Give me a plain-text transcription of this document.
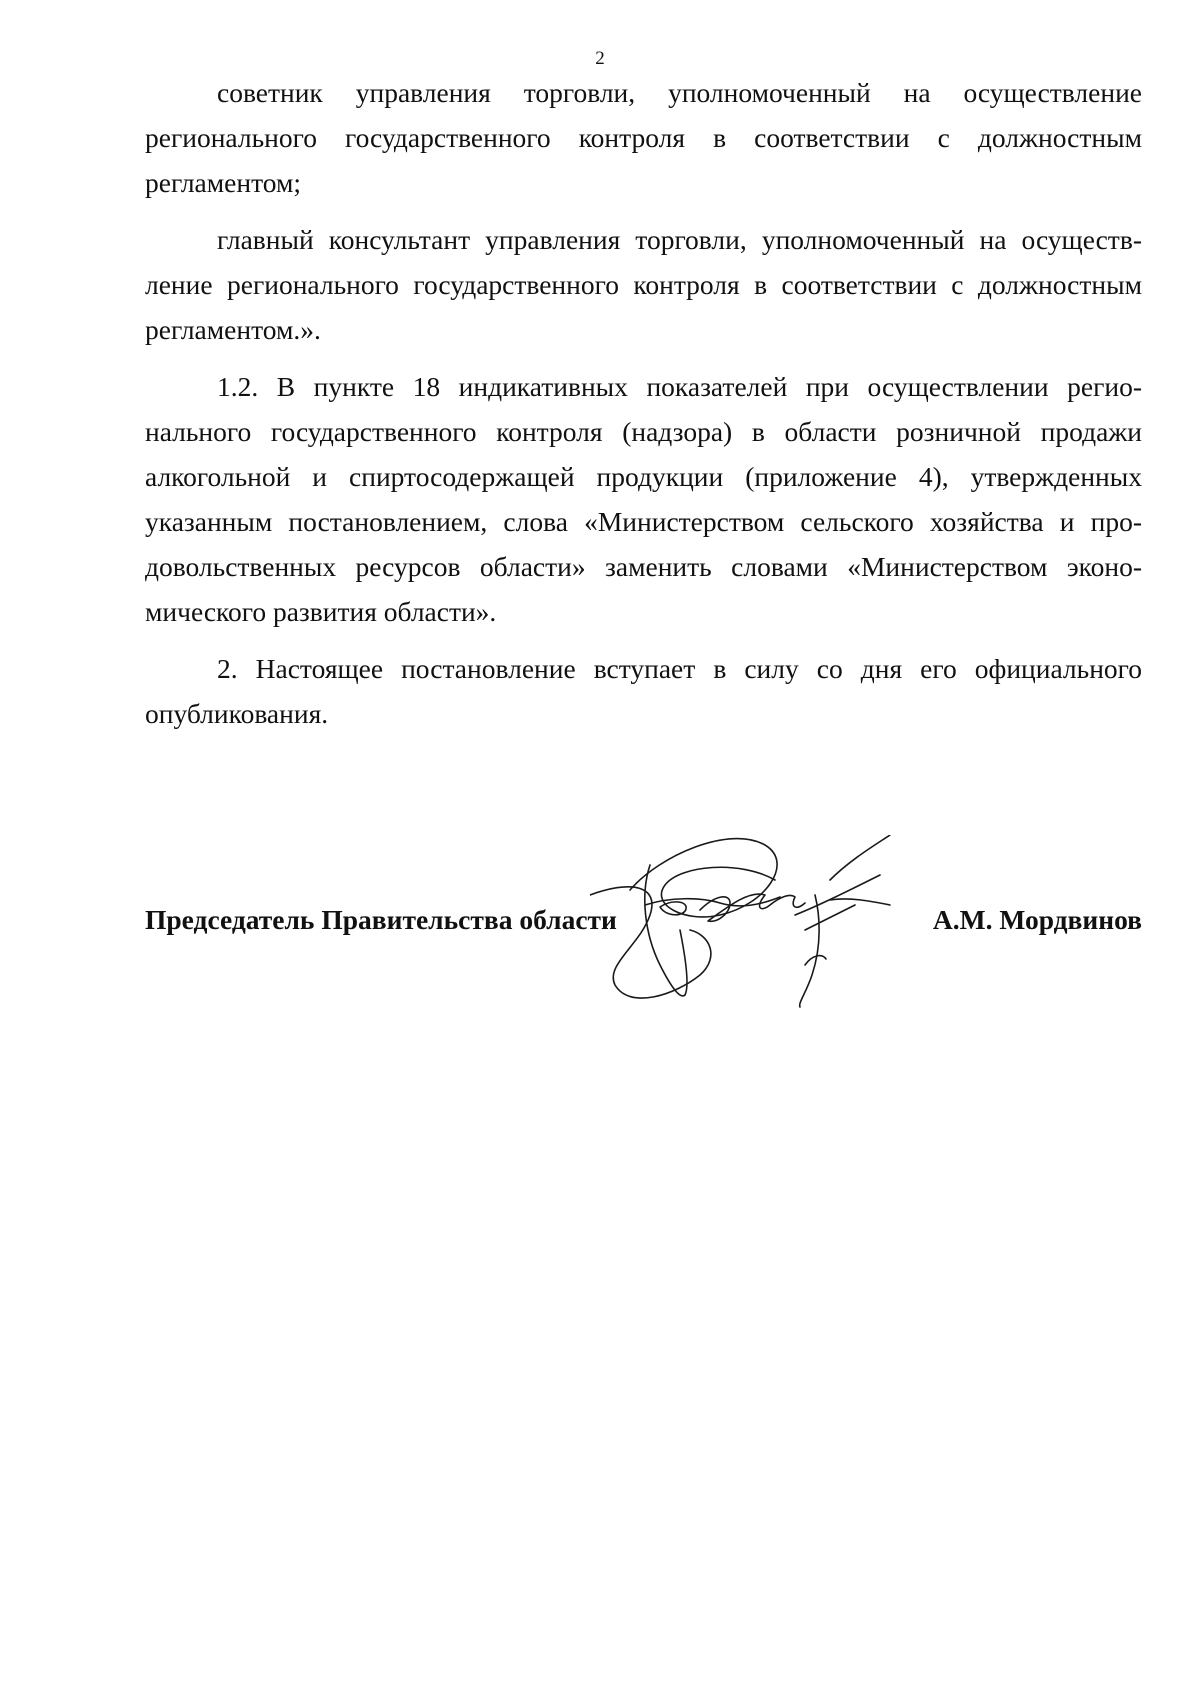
2

советник управления торговли, уполномоченный на осуществление регионального государственного контроля в соответствии с должностным регламентом;

главный консультант управления торговли, уполномоченный на осуществление регионального государственного контроля в соответствии с должностным регламентом.».

1.2. В пункте 18 индикативных показателей при осуществлении регионального государственного контроля (надзора) в области розничной продажи алкогольной и спиртосодержащей продукции (приложение 4), утвержденных указанным постановлением, слова «Министерством сельского хозяйства и продовольственных ресурсов области» заменить словами «Министерством экономического развития области».

2. Настоящее постановление вступает в силу со дня его официального опубликования.

Председатель Правительства области	А.М. Мордвинов
